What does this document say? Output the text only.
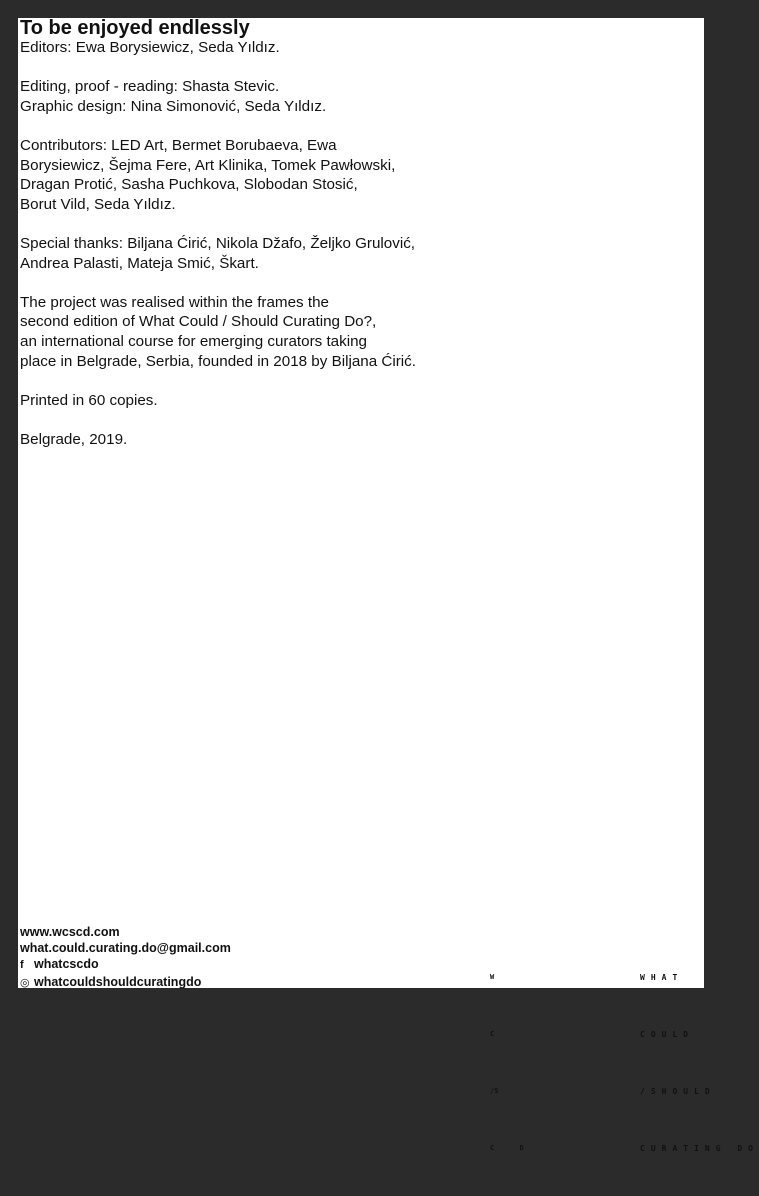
To be enjoyed endlessly

Editors: Ewa Borysiewicz, Seda Yıldız.

Editing, proof - reading: Shasta Stevic.

Graphic design: Nina Simonović, Seda Yıldız.

Contributors: LED Art, Bermet Borubaeva, Ewa

Borysiewicz, Šejma Fere, Art Klinika, Tomek Pawłowski,

Dragan Protić, Sasha Puchkova, Slobodan Stosić,

Borut Vild, Seda Yıldız.

Special thanks: Biljana Ćirić, Nikola Džafo, Željko Grulović,

Andrea Palasti, Mateja Smić, Škart.

The project was realised within the frames the

second edition of What Could / Should Curating Do?,

an international course for emerging curators taking

place in Belgrade, Serbia, founded in 2018 by Biljana Ćirić.

Printed in 60 copies.

Belgrade, 2019.

www.wcscd.com
what.could.curating.do@gmail.com
f whatcscdo
◎ whatcouldshouldcuratingdo

	W

C

/S

C      D

WHAT

COULD

/SHOULD

CURATING DO
